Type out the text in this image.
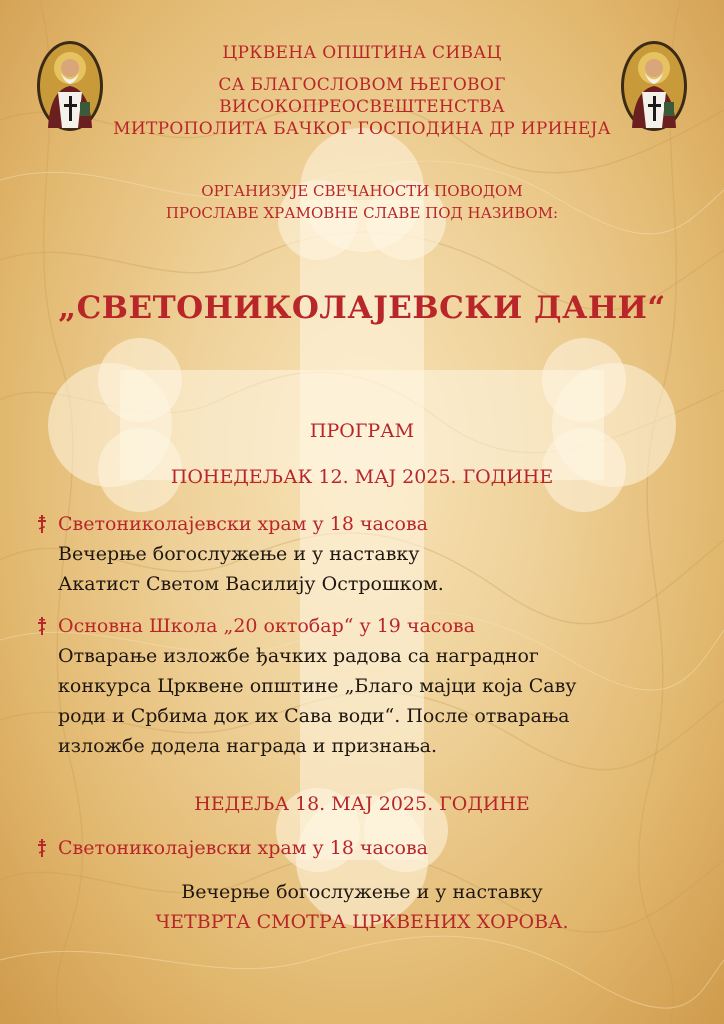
ЦРКВЕНА ОПШТИНА СИВАЦ
СА БЛАГОСЛОВОМ ЊЕГОВОГ
ВИСОКОПРЕОСВЕШТЕНСТВА
МИТРОПОЛИТА БАЧКОГ ГОСПОДИНА ДР ИРИНЕЈА
ОРГАНИЗУЈЕ СВЕЧАНОСТИ ПОВОДОМ
ПРОСЛАВЕ ХРАМОВНЕ СЛАВЕ ПОД НАЗИВОМ:
„СВЕТОНИКОЛАЈЕВСКИ ДАНИ“
ПРОГРАМ
ПОНЕДЕЉАК 12. МАЈ 2025. ГОДИНЕ
Светониколајевски храм у 18 часова
Вечерње богослужење и у наставку
Акатист Светом Василију Острошком.
Основна Школа „20 октобар“ у 19 часова
Отварање изложбе ђачких радова са наградног
конкурса Црквене општине „Благо мајци која Саву
роди и Србима док их Сава води“. После отварања
изложбе додела награда и признања.
НЕДЕЉА 18. МАЈ 2025. ГОДИНЕ
Светониколајевски храм у 18 часова
Вечерње богослужење и у наставку
ЧЕТВРТА СМОТРА ЦРКВЕНИХ ХОРОВА.
